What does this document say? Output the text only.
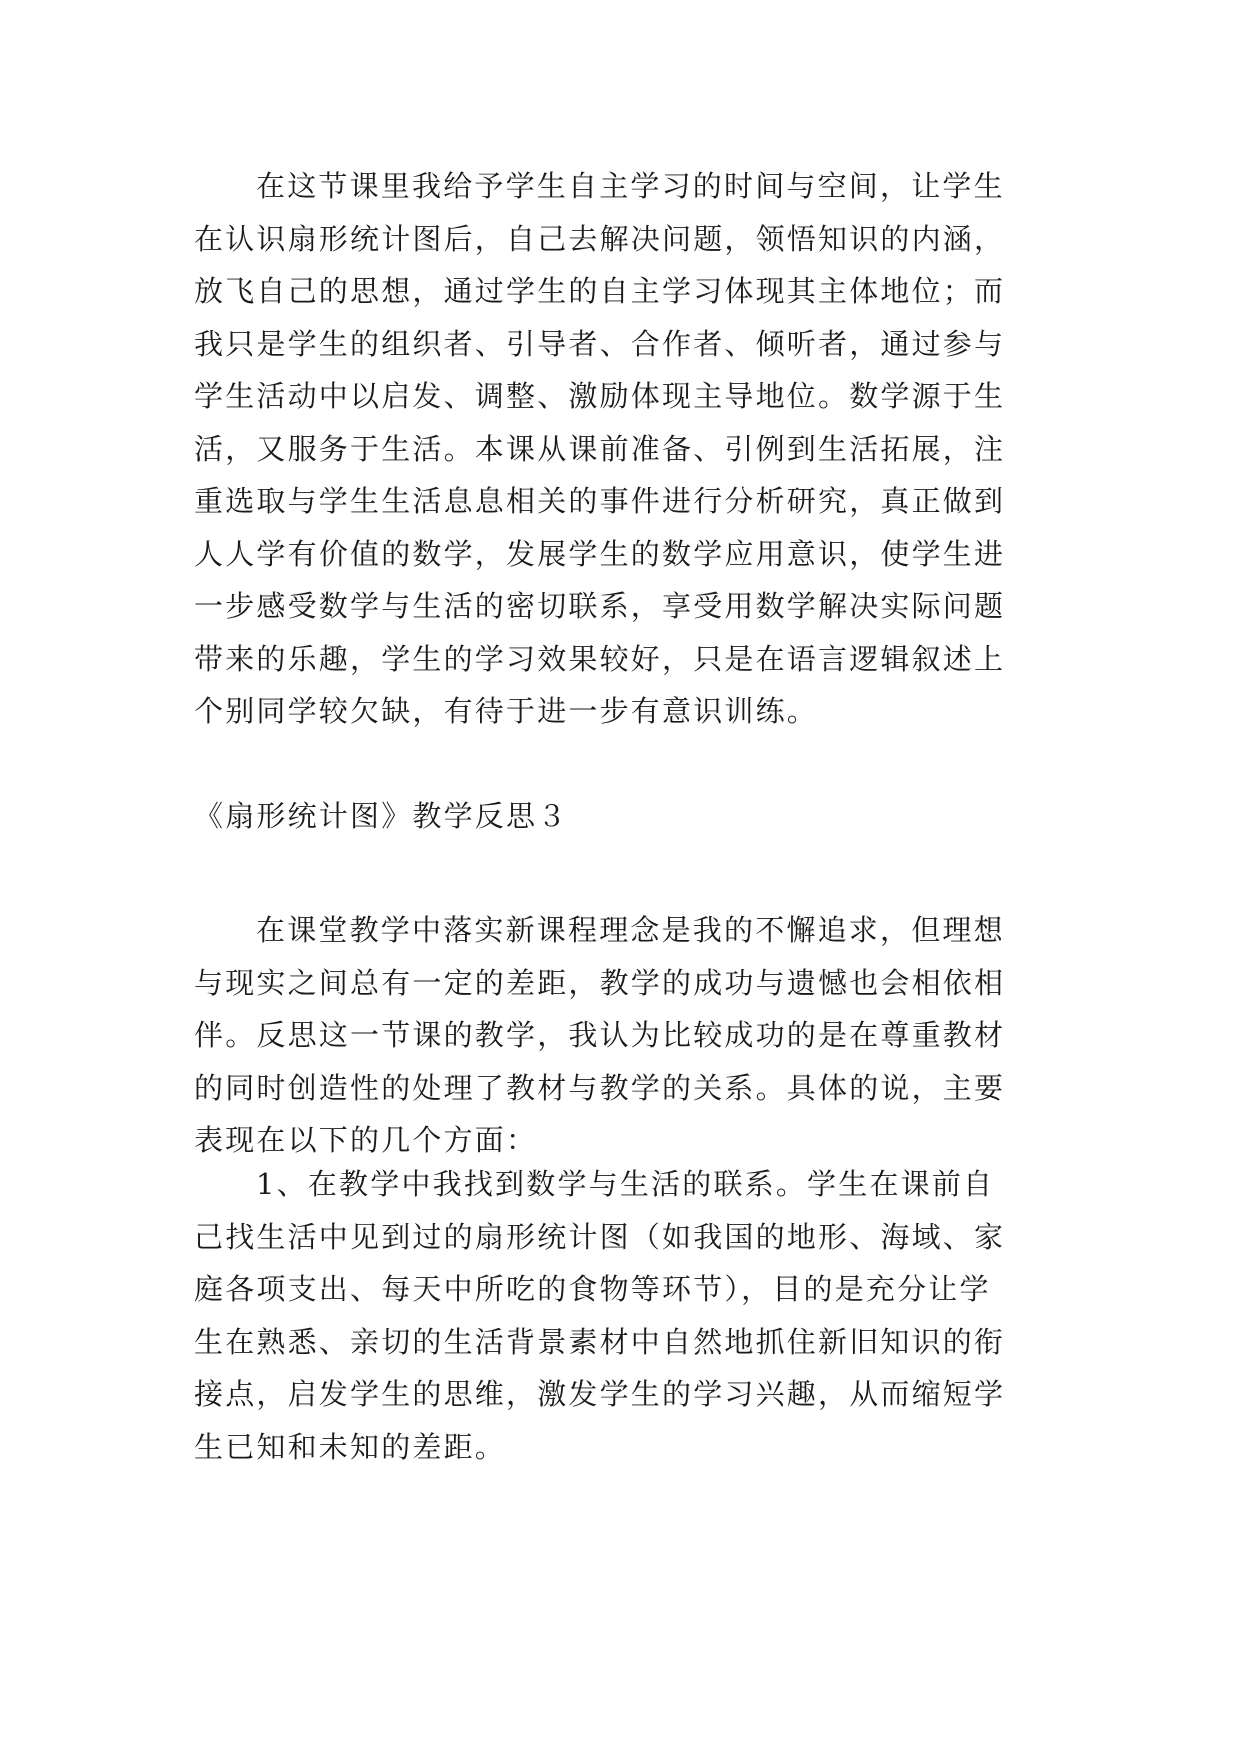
在这节课里我给予学生自主学习的时间与空间，让学生
在认识扇形统计图后，自己去解决问题，领悟知识的内涵，
放飞自己的思想，通过学生的自主学习体现其主体地位；而
我只是学生的组织者、引导者、合作者、倾听者，通过参与
学生活动中以启发、调整、激励体现主导地位。数学源于生
活，又服务于生活。本课从课前准备、引例到生活拓展，注
重选取与学生生活息息相关的事件进行分析研究，真正做到
人人学有价值的数学，发展学生的数学应用意识，使学生进
一步感受数学与生活的密切联系，享受用数学解决实际问题
带来的乐趣，学生的学习效果较好，只是在语言逻辑叙述上
个别同学较欠缺，有待于进一步有意识训练。
《扇形统计图》教学反思３
在课堂教学中落实新课程理念是我的不懈追求，但理想
与现实之间总有一定的差距，教学的成功与遗憾也会相依相
伴。反思这一节课的教学，我认为比较成功的是在尊重教材
的同时创造性的处理了教材与教学的关系。具体的说，主要
表现在以下的几个方面：
1、在教学中我找到数学与生活的联系。学生在课前自
己找生活中见到过的扇形统计图（如我国的地形、海域、家
庭各项支出、每天中所吃的食物等环节），目的是充分让学
生在熟悉、亲切的生活背景素材中自然地抓住新旧知识的衔
接点，启发学生的思维，激发学生的学习兴趣，从而缩短学
生已知和未知的差距。
